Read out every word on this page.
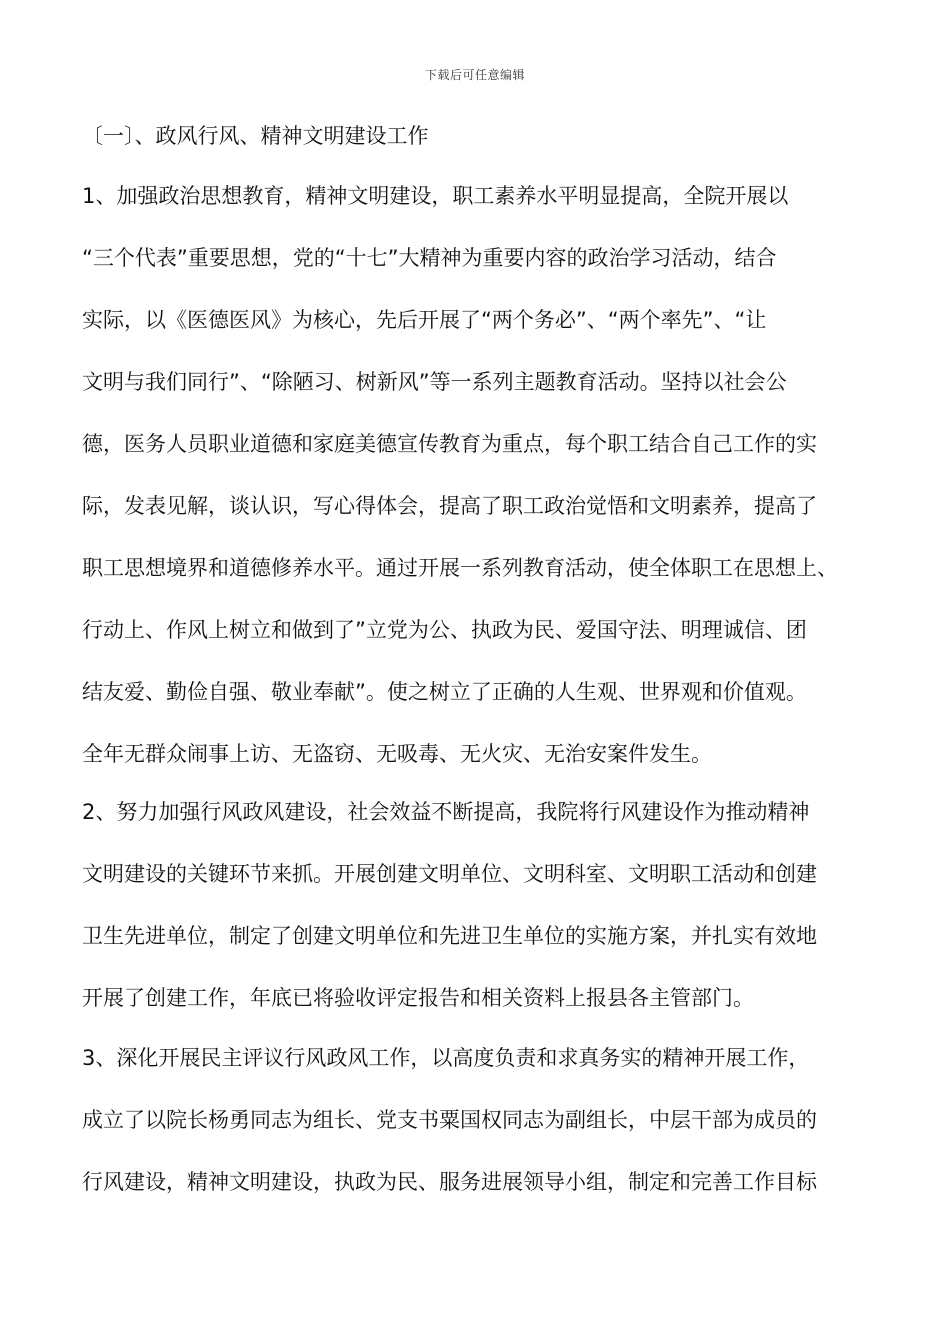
下载后可任意编辑
〔一〕、政风行风、精神文明建设工作
1、加强政治思想教育，精神文明建设，职工素养水平明显提高，全院开展以
“三个代表”重要思想，党的“十七”大精神为重要内容的政治学习活动，结合
实际，以《医德医风》为核心，先后开展了“两个务必”、“两个率先”、“让
文明与我们同行”、“除陋习、树新风”等一系列主题教育活动。坚持以社会公
德，医务人员职业道德和家庭美德宣传教育为重点，每个职工结合自己工作的实
际，发表见解，谈认识，写心得体会，提高了职工政治觉悟和文明素养，提高了
职工思想境界和道德修养水平。通过开展一系列教育活动，使全体职工在思想上、
行动上、作风上树立和做到了”立党为公、执政为民、爱国守法、明理诚信、团
结友爱、勤俭自强、敬业奉献”。使之树立了正确的人生观、世界观和价值观。
全年无群众闹事上访、无盗窃、无吸毒、无火灾、无治安案件发生。
2、努力加强行风政风建设，社会效益不断提高，我院将行风建设作为推动精神
文明建设的关键环节来抓。开展创建文明单位、文明科室、文明职工活动和创建
卫生先进单位，制定了创建文明单位和先进卫生单位的实施方案，并扎实有效地
开展了创建工作，年底已将验收评定报告和相关资料上报县各主管部门。
3、深化开展民主评议行风政风工作，以高度负责和求真务实的精神开展工作，
成立了以院长杨勇同志为组长、党支书粟国权同志为副组长，中层干部为成员的
行风建设，精神文明建设，执政为民、服务进展领导小组，制定和完善工作目标
